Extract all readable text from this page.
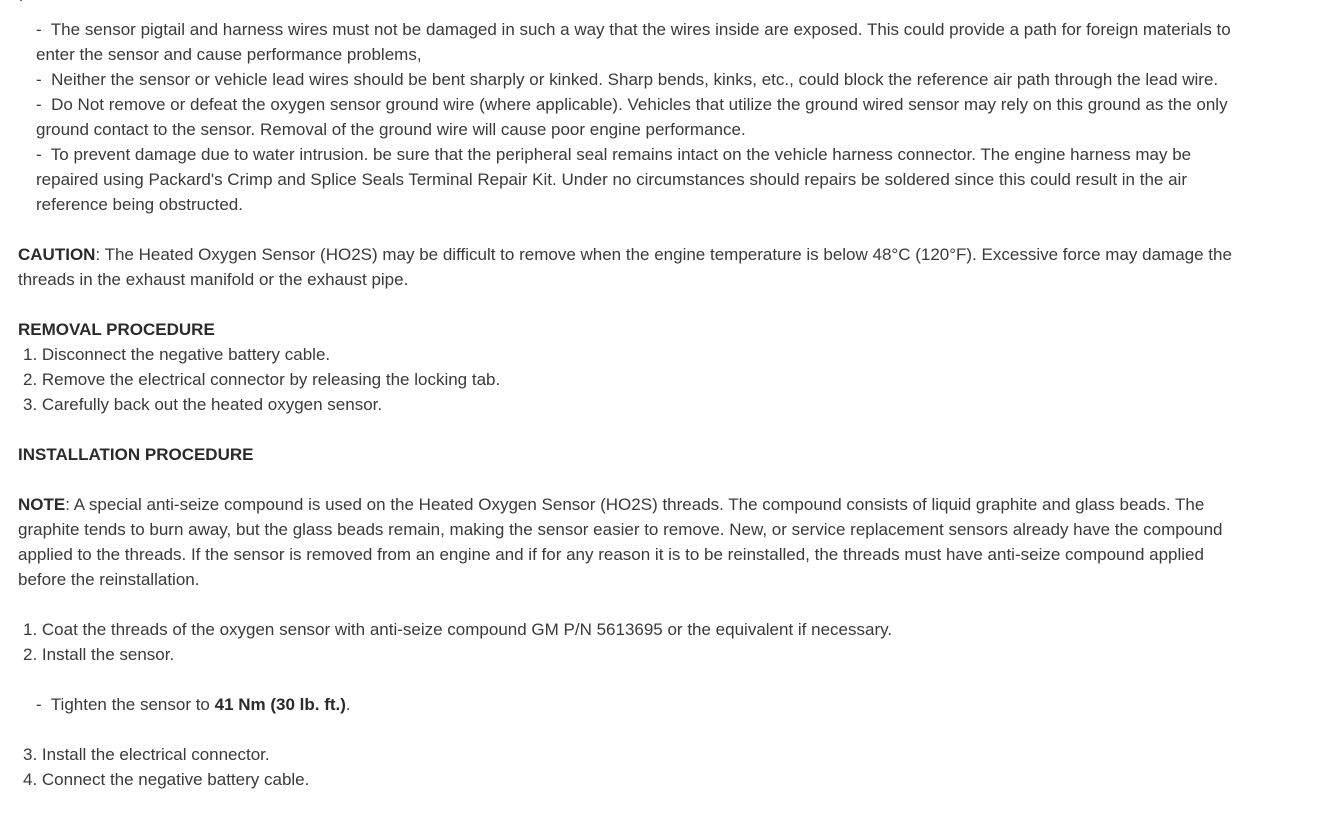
-  The sensor pigtail and harness wires must not be damaged in such a way that the wires inside are exposed. This could provide a path for foreign materials to enter the sensor and cause performance problems,
-  Neither the sensor or vehicle lead wires should be bent sharply or kinked. Sharp bends, kinks, etc., could block the reference air path through the lead wire.
-  Do Not remove or defeat the oxygen sensor ground wire (where applicable). Vehicles that utilize the ground wired sensor may rely on this ground as the only ground contact to the sensor. Removal of the ground wire will cause poor engine performance.
-  To prevent damage due to water intrusion. be sure that the peripheral seal remains intact on the vehicle harness connector. The engine harness may be repaired using Packard's Crimp and Splice Seals Terminal Repair Kit. Under no circumstances should repairs be soldered since this could result in the air reference being obstructed.
CAUTION: The Heated Oxygen Sensor (HO2S) may be difficult to remove when the engine temperature is below 48°C (120°F). Excessive force may damage the threads in the exhaust manifold or the exhaust pipe.
REMOVAL PROCEDURE
1. Disconnect the negative battery cable.
2. Remove the electrical connector by releasing the locking tab.
3. Carefully back out the heated oxygen sensor.
INSTALLATION PROCEDURE
NOTE: A special anti-seize compound is used on the Heated Oxygen Sensor (HO2S) threads. The compound consists of liquid graphite and glass beads. The graphite tends to burn away, but the glass beads remain, making the sensor easier to remove. New, or service replacement sensors already have the compound applied to the threads. If the sensor is removed from an engine and if for any reason it is to be reinstalled, the threads must have anti-seize compound applied before the reinstallation.
1. Coat the threads of the oxygen sensor with anti-seize compound GM P/N 5613695 or the equivalent if necessary.
2. Install the sensor.
-  Tighten the sensor to 41 Nm (30 lb. ft.).
3. Install the electrical connector.
4. Connect the negative battery cable.
